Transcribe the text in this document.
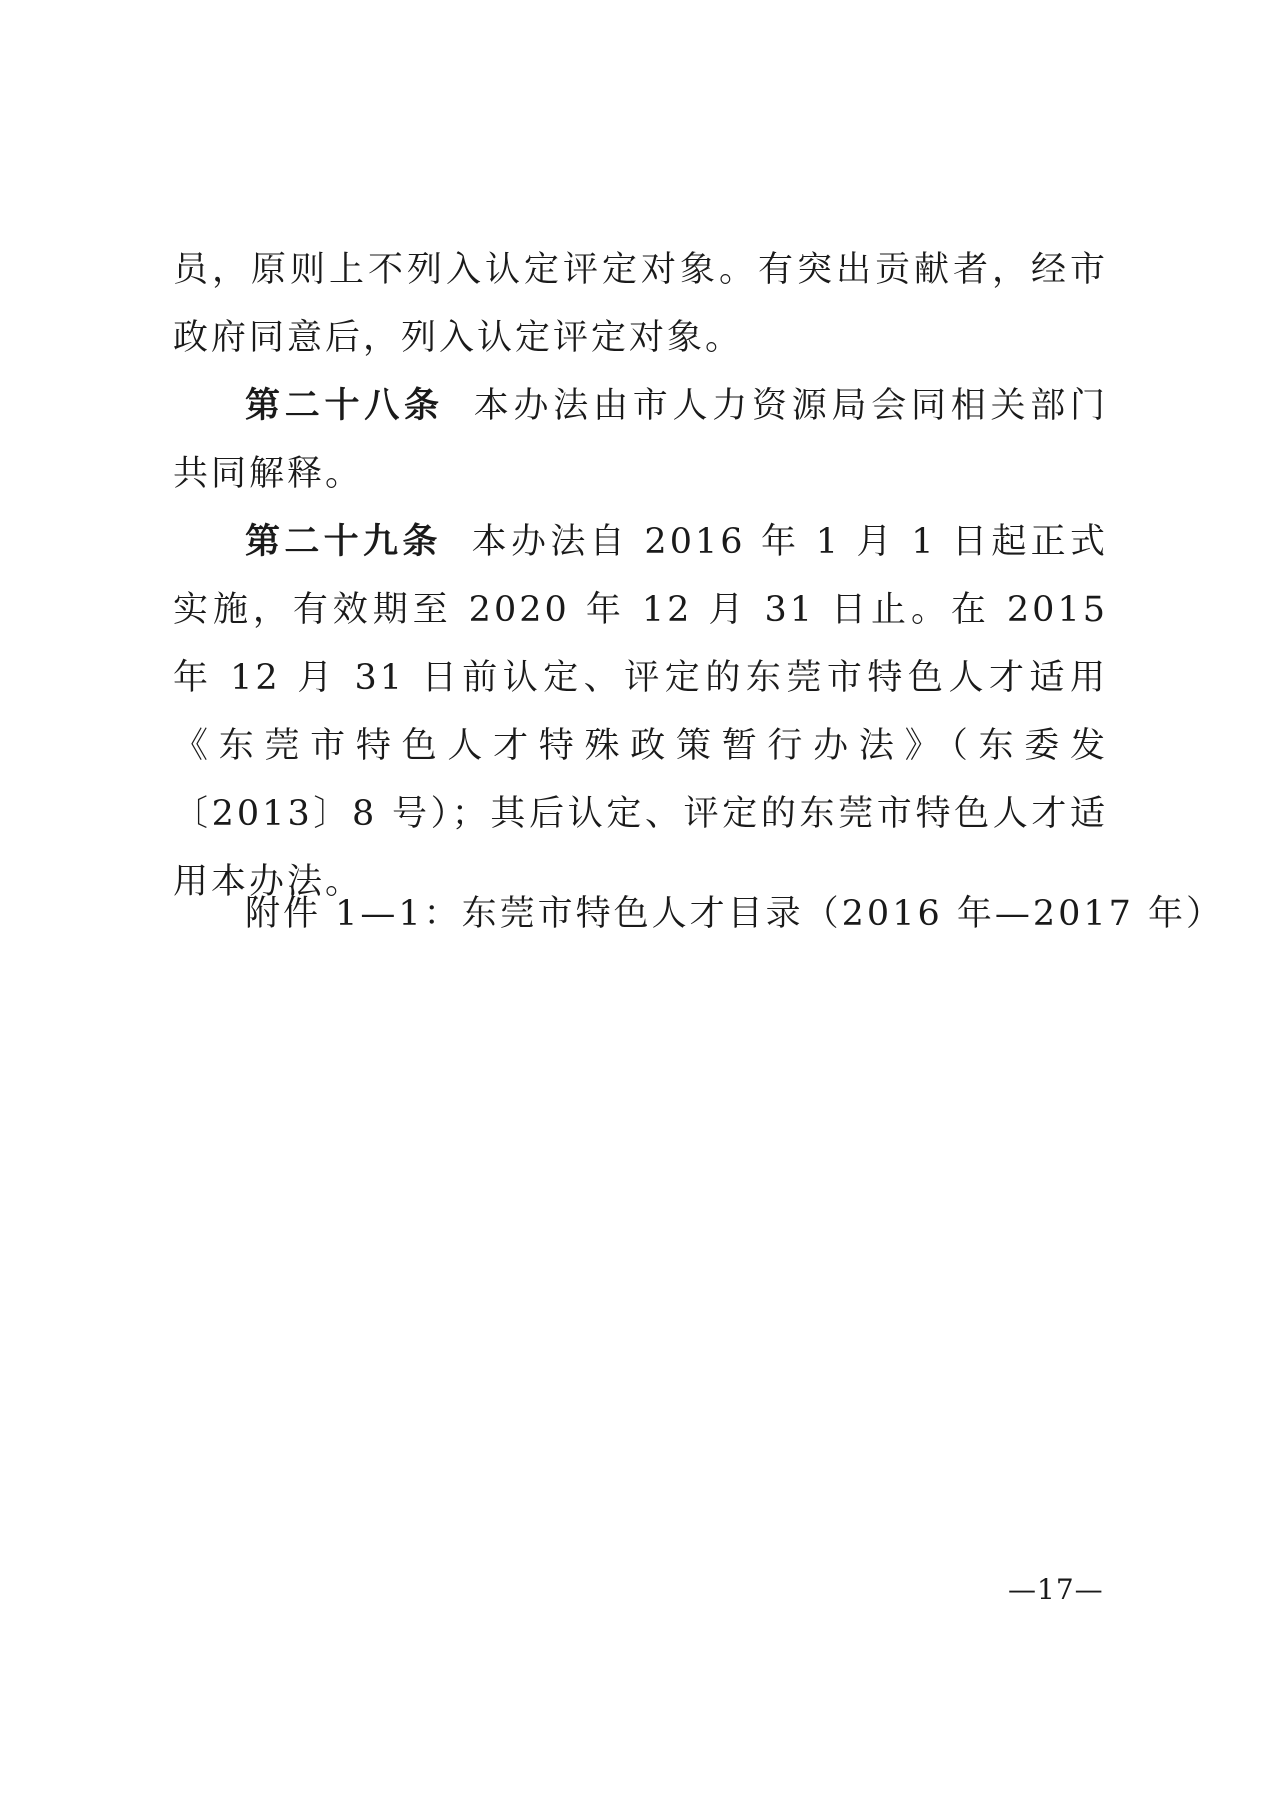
员，原则上不列入认定评定对象。有突出贡献者，经市政府同意后，列入认定评定对象。

第二十八条 本办法由市人力资源局会同相关部门共同解释。

第二十九条 本办法自 2016 年 1 月 1 日起正式实施，有效期至 2020 年 12 月 31 日止。在 2015 年 12 月 31 日前认定、评定的东莞市特色人才适用《东莞市特色人才特殊政策暂行办法》（东委发〔2013〕8 号）；其后认定、评定的东莞市特色人才适用本办法。

附件 1—1：东莞市特色人才目录（2016 年—2017 年）
—17—
